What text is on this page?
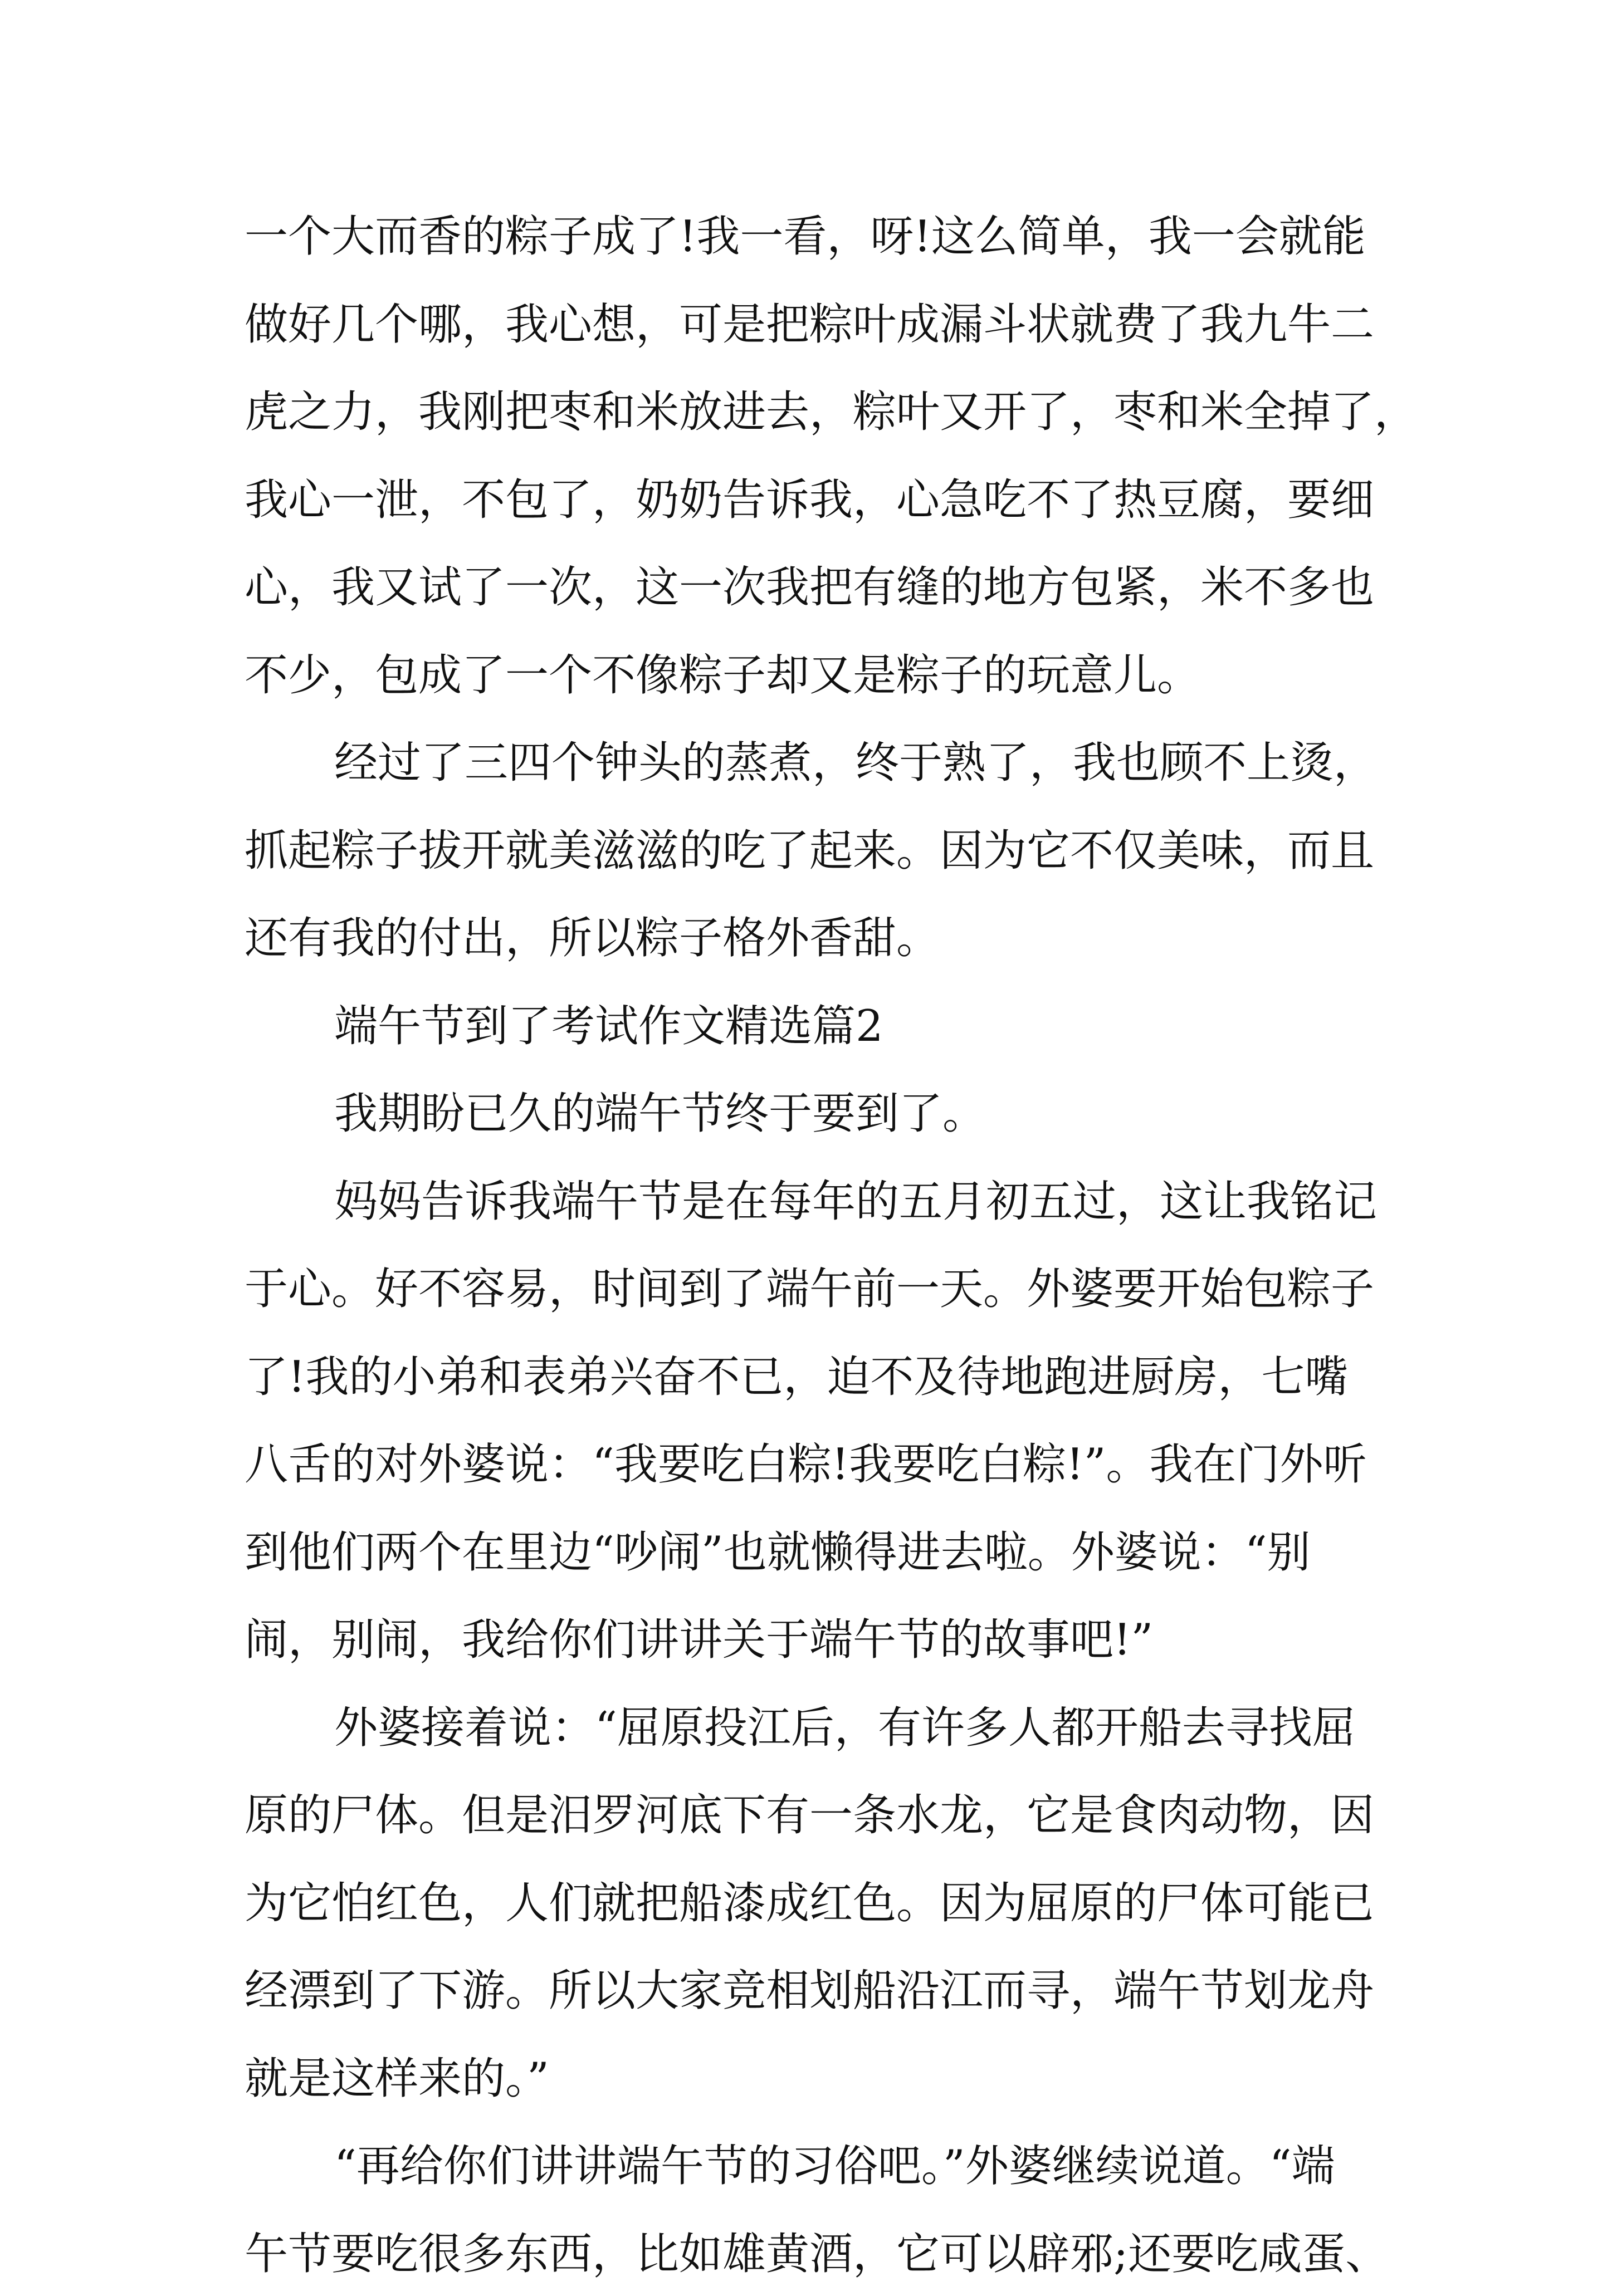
一个大而香的粽子成了!我一看，呀!这么简单，我一会就能
做好几个哪，我心想，可是把粽叶成漏斗状就费了我九牛二
虎之力，我刚把枣和米放进去，粽叶又开了，枣和米全掉了，
我心一泄，不包了，奶奶告诉我，心急吃不了热豆腐，要细
心，我又试了一次，这一次我把有缝的地方包紧，米不多也
不少，包成了一个不像粽子却又是粽子的玩意儿。
经过了三四个钟头的蒸煮，终于熟了，我也顾不上烫，
抓起粽子拔开就美滋滋的吃了起来。因为它不仅美味，而且
还有我的付出，所以粽子格外香甜。
端午节到了考试作文精选篇2
我期盼已久的端午节终于要到了。
妈妈告诉我端午节是在每年的五月初五过，这让我铭记
于心。好不容易，时间到了端午前一天。外婆要开始包粽子
了!我的小弟和表弟兴奋不已，迫不及待地跑进厨房，七嘴
八舌的对外婆说：“我要吃白粽!我要吃白粽!”。我在门外听
到他们两个在里边“吵闹”也就懒得进去啦。外婆说：“别
闹，别闹，我给你们讲讲关于端午节的故事吧!”
外婆接着说：“屈原投江后，有许多人都开船去寻找屈
原的尸体。但是汨罗河底下有一条水龙，它是食肉动物，因
为它怕红色，人们就把船漆成红色。因为屈原的尸体可能已
经漂到了下游。所以大家竞相划船沿江而寻，端午节划龙舟
就是这样来的。”
“再给你们讲讲端午节的习俗吧。”外婆继续说道。“端
午节要吃很多东西，比如雄黄酒，它可以辟邪;还要吃咸蛋、
